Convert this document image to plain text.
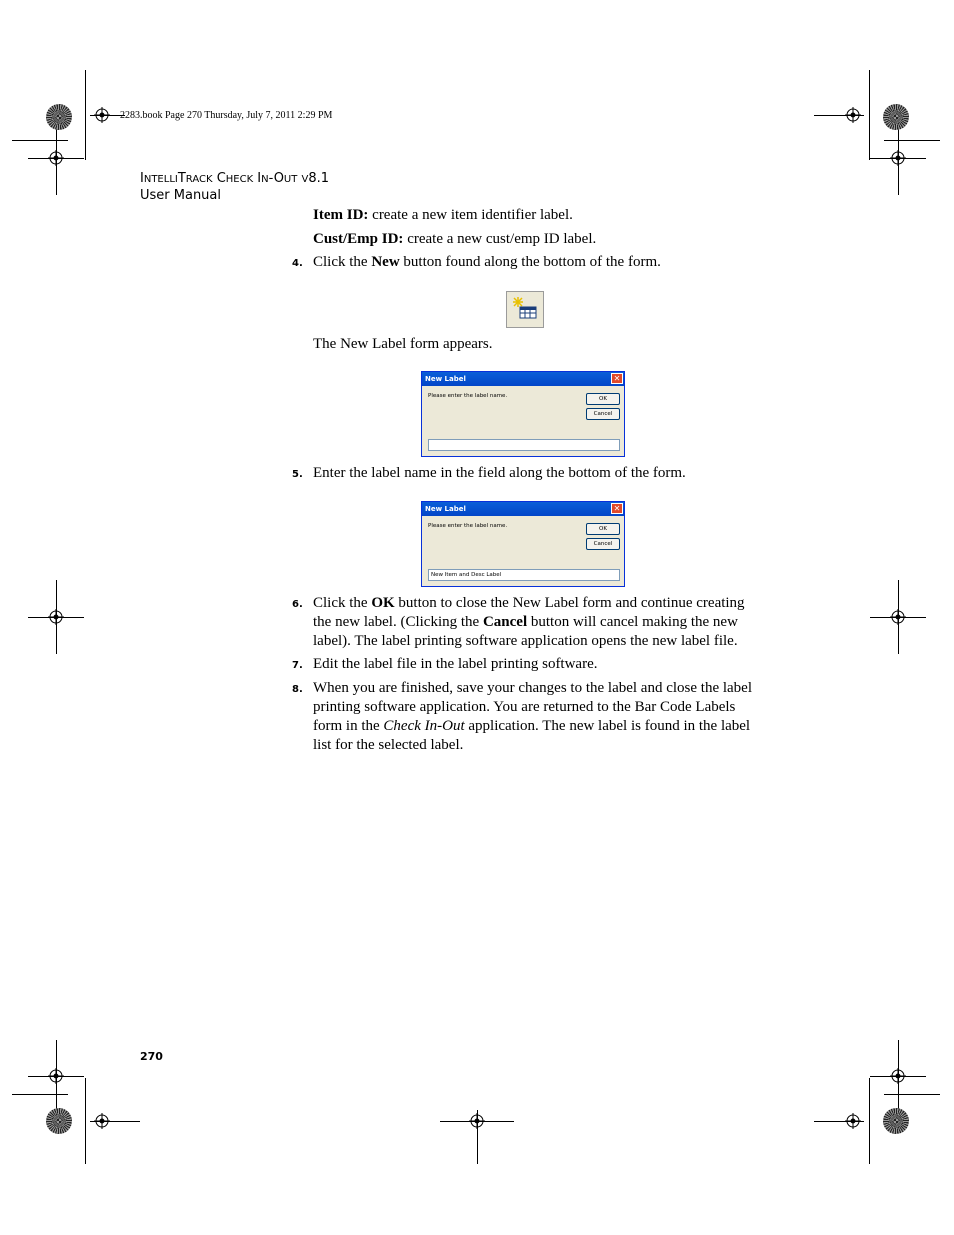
2283.book Page 270 Thursday, July 7, 2011 2:29 PM
INTELLITRACK CHECK IN-OUT V8.1
User Manual
Item ID: create a new item identifier label.
Cust/Emp ID: create a new cust/emp ID label.
4. Click the New button found along the bottom of the form.
The New Label form appears.
New Label	✕
Please enter the label name.	OK
Cancel
5. Enter the label name in the field along the bottom of the form.
New Label	✕
Please enter the label name.	OK
Cancel
New Item and Desc Label
6. Click the OK button to close the New Label form and continue creating the new label. (Clicking the Cancel button will cancel making the new label). The label printing software application opens the new label file.
7. Edit the label file in the label printing software.
8. When you are finished, save your changes to the label and close the label printing software application. You are returned to the Bar Code Labels form in the Check In-Out application. The new label is found in the label list for the selected label.
270
